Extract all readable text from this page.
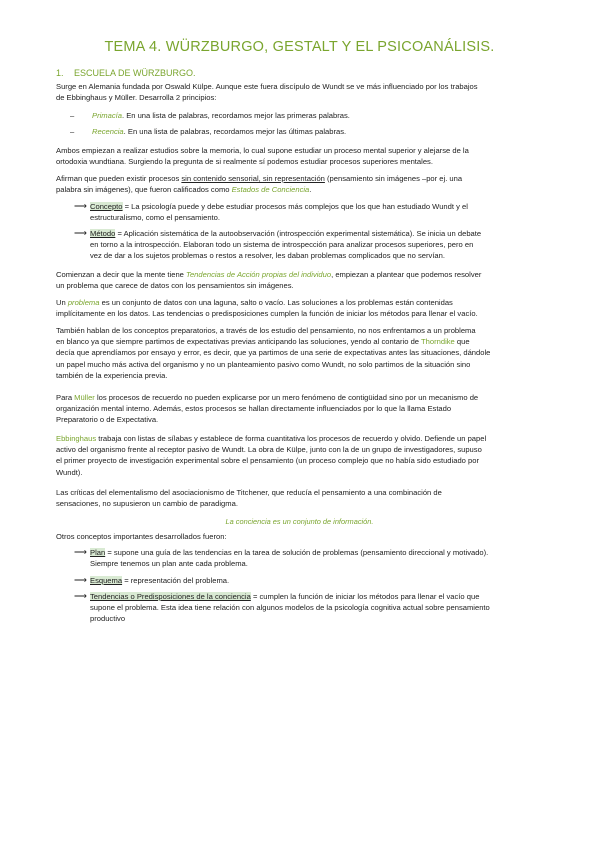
TEMA 4. WÜRZBURGO, GESTALT Y EL PSICOANÁLISIS.
1. ESCUELA DE WÜRZBURGO.

Surge en Alemania fundada por Oswald Külpe. Aunque este fuera discípulo de Wundt se ve más influenciado por los trabajos

de Ebbinghaus y Müller. Desarrolla 2 principios:

– Primacía. En una lista de palabras, recordamos mejor las primeras palabras.
– Recencia. En una lista de palabras, recordamos mejor las últimas palabras.

Ambos empiezan a realizar estudios sobre la memoria, lo cual supone estudiar un proceso mental superior y alejarse de la

ortodoxia wundtiana. Surgiendo la pregunta de si realmente sí podemos estudiar procesos superiores mentales.

Afirman que pueden existir procesos sin contenido sensorial, sin representación (pensamiento sin imágenes –por ej. una

palabra sin imágenes), que fueron calificados como Estados de Conciencia.

⟶ Concepto = La psicología puede y debe estudiar procesos más complejos que los que han estudiado Wundt y el

estructuralismo, como el pensamiento.

⟶ Método = Aplicación sistemática de la autoobservación (introspección experimental sistemática). Se inicia un debate

en torno a la introspección. Elaboran todo un sistema de introspección para analizar procesos superiores, pero en

vez de dar a los sujetos problemas o restos a resolver, les daban problemas complicados que no servían.

Comienzan a decir que la mente tiene Tendencias de Acción propias del individuo, empiezan a plantear que podemos resolver

un problema que carece de datos con los pensamientos sin imágenes.

Un problema es un conjunto de datos con una laguna, salto o vacío. Las soluciones a los problemas están contenidas

implícitamente en los datos. Las tendencias o predisposiciones cumplen la función de iniciar los métodos para llenar el vacío.

También hablan de los conceptos preparatorios, a través de los estudio del pensamiento, no nos enfrentamos a un problema

en blanco ya que siempre partimos de expectativas previas anticipando las soluciones, yendo al contario de Thorndike que

decía que aprendíamos por ensayo y error, es decir, que ya partimos de una serie de expectativas antes las situaciones, dándole

un papel mucho más activa del organismo y no un planteamiento pasivo como Wundt, no solo partimos de la situación sino

también de la experiencia previa.

Para Müller los procesos de recuerdo no pueden explicarse por un mero fenómeno de contigüidad sino por un mecanismo de

organización mental interno. Además, estos procesos se hallan directamente influenciados por lo que la llama Estado

Preparatorio o de Expectativa.

Ebbinghaus trabaja con listas de sílabas y establece de forma cuantitativa los procesos de recuerdo y olvido. Defiende un papel

activo del organismo frente al receptor pasivo de Wundt. La obra de Külpe, junto con la de un grupo de investigadores, supuso

el primer proyecto de investigación experimental sobre el pensamiento (un proceso complejo que no había sido estudiado por

Wundt).

Las críticas del elementalismo del asociacionismo de Titchener, que reducía el pensamiento a una combinación de

sensaciones, no supusieron un cambio de paradigma.

La conciencia es un conjunto de información.
Otros conceptos importantes desarrollados fueron:
⟶ Plan = supone una guía de las tendencias en la tarea de solución de problemas (pensamiento direccional y motivado).

Siempre tenemos un plan ante cada problema.

⟶ Esquema = representación del problema.

⟶ Tendencias o Predisposiciones de la conciencia = cumplen la función de iniciar los métodos para llenar el vacío que

supone el problema. Esta idea tiene relación con algunos modelos de la psicología cognitiva actual sobre pensamiento

productivo
